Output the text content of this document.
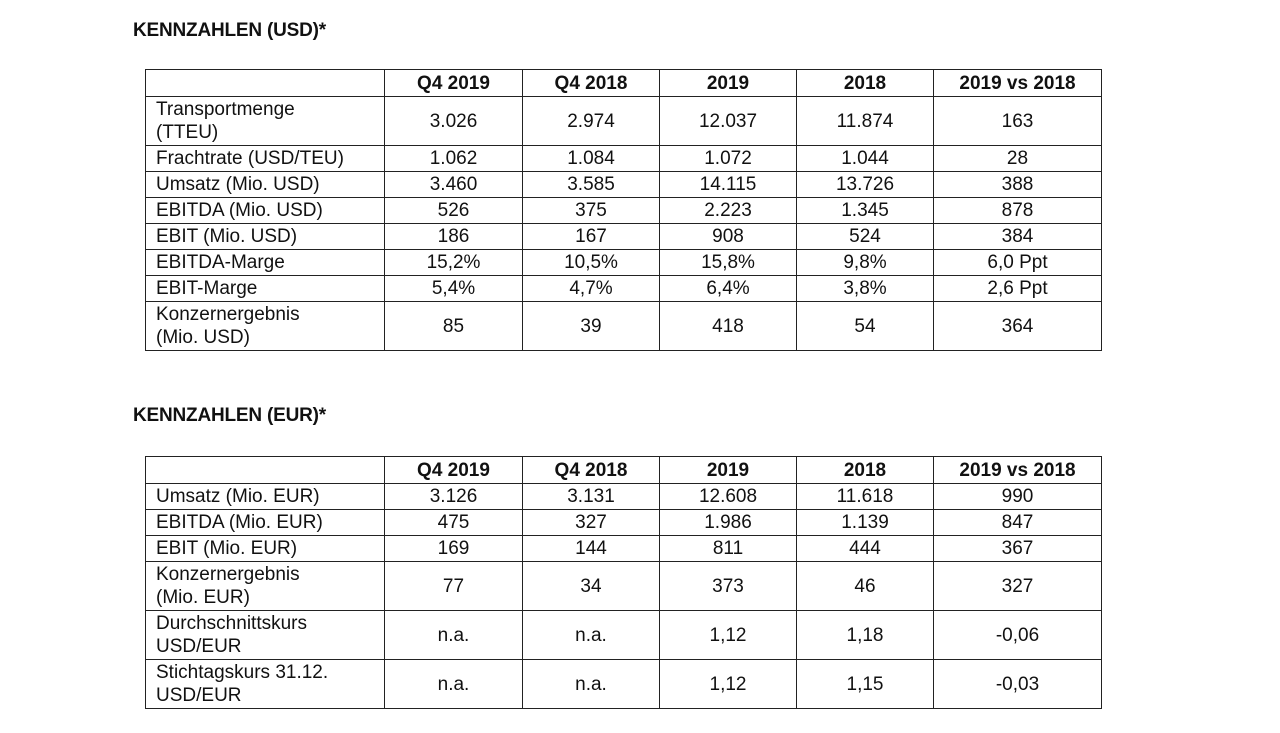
KENNZAHLEN (USD)*
	Q4 2019	Q4 2018	2019	2018	2019 vs 2018

Transportmenge
(TTEU)	3.026	2.974	12.037	11.874	163

Frachtrate (USD/TEU)	1.062	1.084	1.072	1.044	28

Umsatz (Mio. USD)	3.460	3.585	14.115	13.726	388

EBITDA (Mio. USD)	526	375	2.223	1.345	878

EBIT (Mio. USD)	186	167	908	524	384

EBITDA-Marge	15,2%	10,5%	15,8%	9,8%	6,0 Ppt

EBIT-Marge	5,4%	4,7%	6,4%	3,8%	2,6 Ppt

Konzernergebnis
(Mio. USD)	85	39	418	54	364
KENNZAHLEN (EUR)*
	Q4 2019	Q4 2018	2019	2018	2019 vs 2018

Umsatz (Mio. EUR)	3.126	3.131	12.608	11.618	990

EBITDA (Mio. EUR)	475	327	1.986	1.139	847

EBIT (Mio. EUR)	169	144	811	444	367

Konzernergebnis
(Mio. EUR)	77	34	373	46	327

Durchschnittskurs
USD/EUR	n.a.	n.a.	1,12	1,18	-0,06

Stichtagskurs 31.12.
USD/EUR	n.a.	n.a.	1,12	1,15	-0,03
